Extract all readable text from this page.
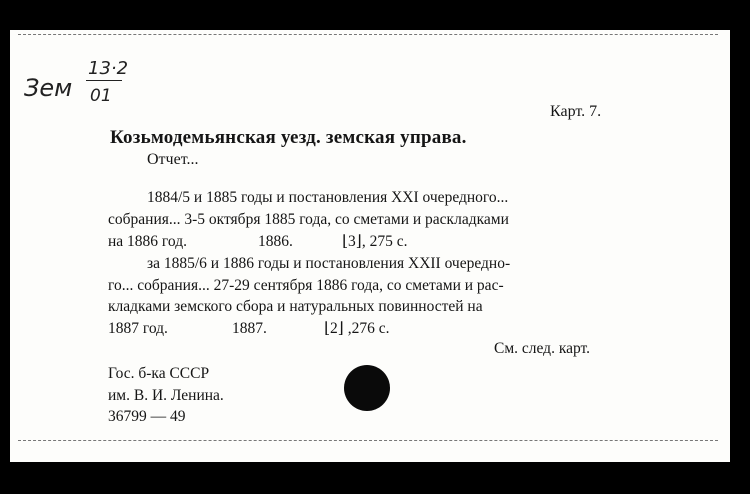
Зем
13·2
01
Карт. 7.
Козьмодемьянская уезд. земская управа.
Отчет...
1884/5 и 1885 годы и постановления XXI очередного...
собрания... 3-5 октября 1885 года, со сметами и раскладками
на 1886 год.	1886.	⌊3⌋, 275 с.
за 1885/6 и 1886 годы и постановления XXII очередно-
го... собрания... 27-29 сентября 1886 года, со сметами и рас-
кладками земского сбора и натуральных повинностей на
1887 год.	1887.	⌊2⌋ ,276 с.
См. след. карт.
Гос. б-ка СССР
им. В. И. Ленина.
36799 — 49
